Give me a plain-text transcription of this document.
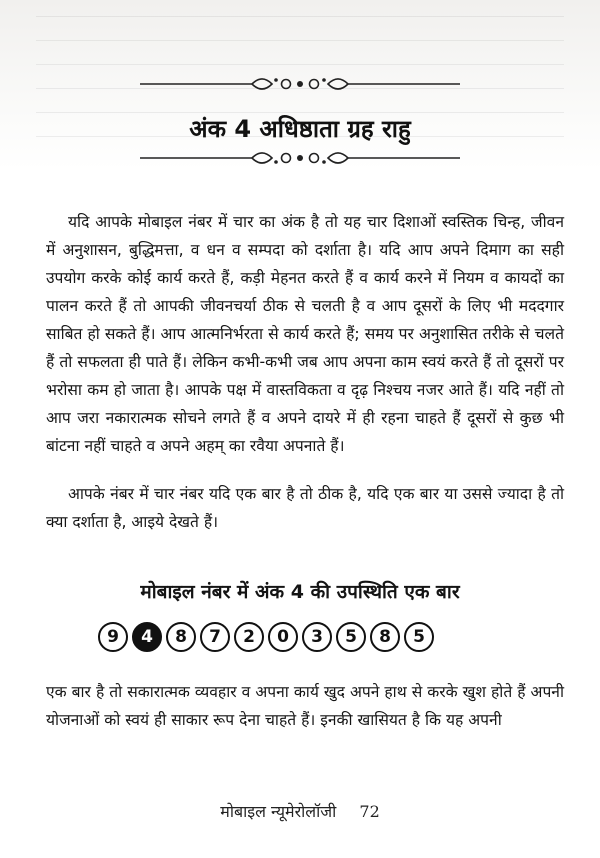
अंक 4 अधिष्ठाता ग्रह राहु

यदि आपके मोबाइल नंबर में चार का अंक है तो यह चार दिशाओं स्वस्तिक चिन्ह, जीवन में अनुशासन, बुद्धिमत्ता, व धन व सम्पदा को दर्शाता है। यदि आप अपने दिमाग का सही उपयोग करके कोई कार्य करते हैं, कड़ी मेहनत करते हैं व कार्य करने में नियम व कायदों का पालन करते हैं तो आपकी जीवनचर्या ठीक से चलती है व आप दूसरों के लिए भी मददगार साबित हो सकते हैं। आप आत्मनिर्भरता से कार्य करते हैं; समय पर अनुशासित तरीके से चलते हैं तो सफलता ही पाते हैं। लेकिन कभी-कभी जब आप अपना काम स्वयं करते हैं तो दूसरों पर भरोसा कम हो जाता है। आपके पक्ष में वास्तविकता व दृढ़ निश्चय नजर आते हैं। यदि नहीं तो आप जरा नकारात्मक सोचने लगते हैं व अपने दायरे में ही रहना चाहते हैं दूसरों से कुछ भी बांटना नहीं चाहते व अपने अहम् का रवैया अपनाते हैं।

आपके नंबर में चार नंबर यदि एक बार है तो ठीक है, यदि एक बार या उससे ज्यादा है तो क्या दर्शाता है, आइये देखते हैं।

मोबाइल नंबर में अंक 4 की उपस्थिति एक बार
9	4	8	7	2	0	3	5	8	5

एक बार है तो सकारात्मक व्यवहार व अपना कार्य खुद अपने हाथ से करके खुश होते हैं अपनी योजनाओं को स्वयं ही साकार रूप देना चाहते हैं। इनकी खासियत है कि यह अपनी

मोबाइल न्यूमेरोलॉजी 72
